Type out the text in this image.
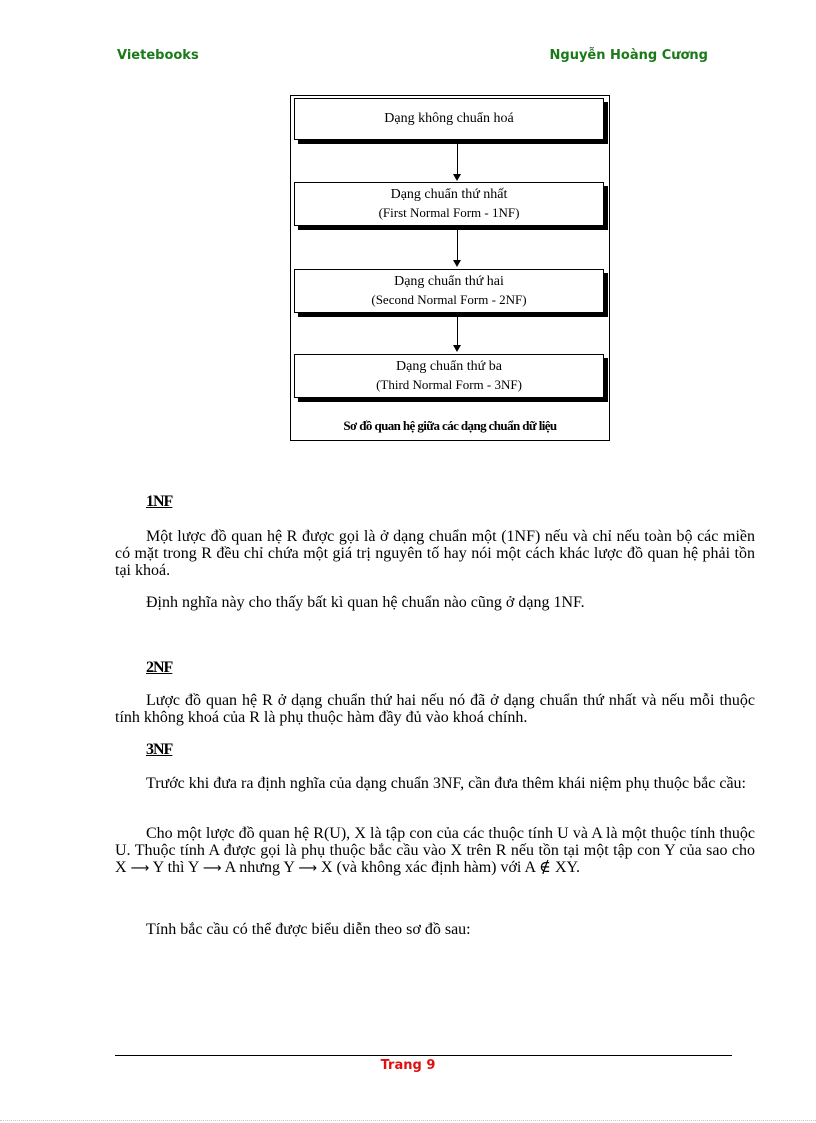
Vietebooks	Nguyễn Hoàng Cương
Dạng không chuẩn hoá
Dạng chuẩn thứ nhất
(First Normal Form - 1NF)
Dạng chuẩn thứ hai
(Second Normal Form - 2NF)
Dạng chuẩn thứ ba
(Third Normal Form - 3NF)
Sơ đồ quan hệ giữa các dạng chuẩn dữ liệu
1NF

Một lược đồ quan hệ R được gọi là ở dạng chuẩn một (1NF) nếu và chỉ nếu toàn bộ các miền có mặt trong R đều chỉ chứa một giá trị nguyên tố hay nói một cách khác lược đồ quan hệ phải tồn tại khoá.

Định nghĩa này cho thấy bất kì quan hệ chuẩn nào cũng ở dạng 1NF.

2NF

Lược đồ quan hệ R ở dạng chuẩn thứ hai nếu nó đã ở dạng chuẩn thứ nhất và nếu mỗi thuộc tính không khoá của R là phụ thuộc hàm đầy đủ vào khoá chính.

3NF

Trước khi đưa ra định nghĩa của dạng chuẩn 3NF, cần đưa thêm khái niệm phụ thuộc bắc cầu:

Cho một lược đồ quan hệ R(U), X là tập con của các thuộc tính U và A là một thuộc tính thuộc U. Thuộc tính A được gọi là phụ thuộc bắc cầu vào X trên R nếu tồn tại một tập con Y của sao cho X ⟶ Y thì Y ⟶ A nhưng Y ⟶ X (và không xác định hàm) với A ∉ XY.

Tính bắc cầu có thể được biểu diễn theo sơ đồ sau:

Trang 9
